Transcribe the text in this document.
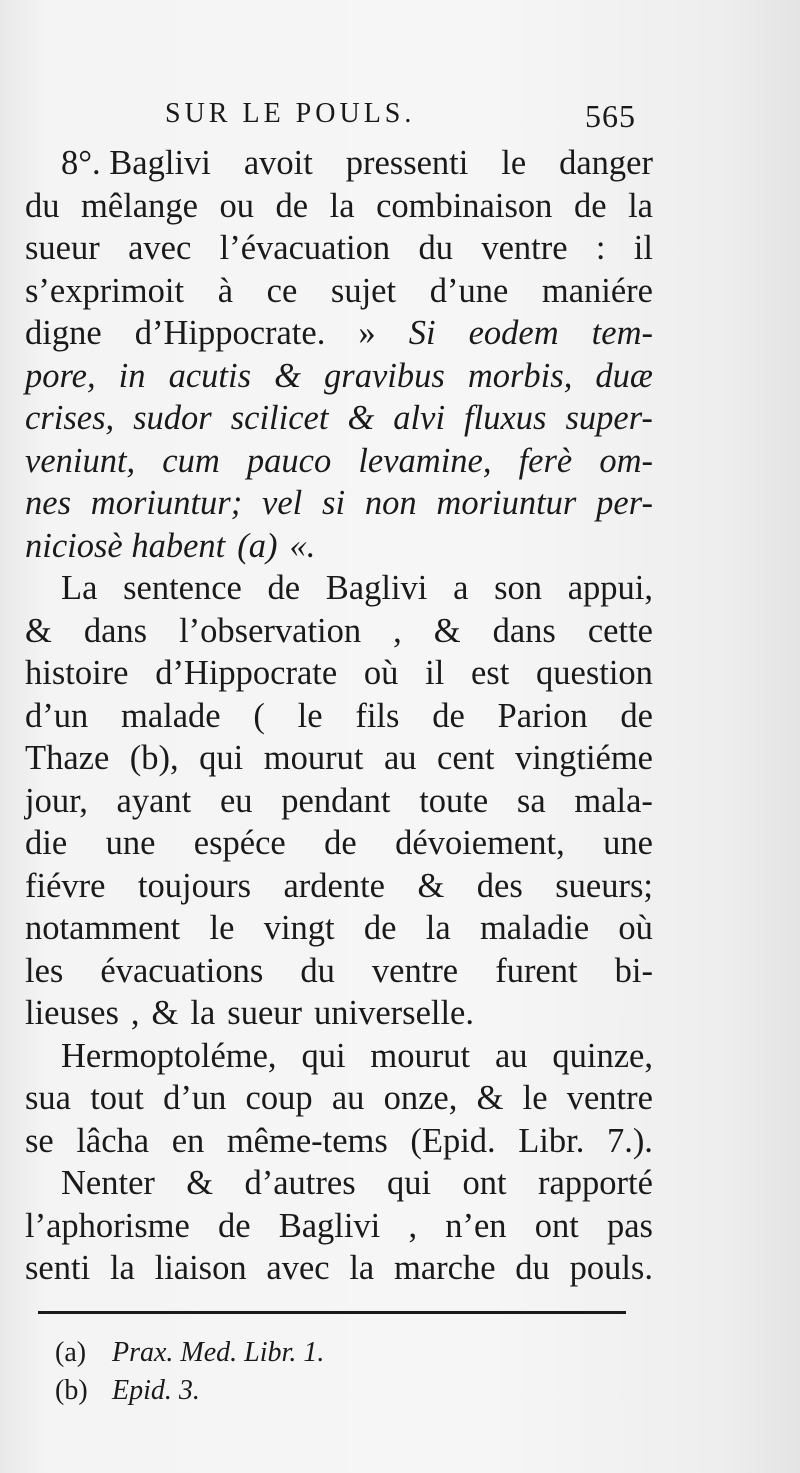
SUR LE POULS.	565
8°. Baglivi avoit pressenti le danger
du mêlange ou de la combinaison de la
sueur avec l’évacuation du ventre : il
s’exprimoit à ce sujet d’une maniére
digne d’Hippocrate. » Si eodem tem-
pore, in acutis & gravibus morbis, duæ
crises, sudor scilicet & alvi fluxus super-
veniunt, cum pauco levamine, ferè om-
nes moriuntur; vel si non moriuntur per-
niciosè habent (a) «.
La sentence de Baglivi a son appui,
& dans l’observation , & dans cette
histoire d’Hippocrate où il est question
d’un malade ( le fils de Parion de
Thaze (b), qui mourut au cent vingtiéme
jour, ayant eu pendant toute sa mala-
die une espéce de dévoiement, une
fiévre toujours ardente & des sueurs;
notamment le vingt de la maladie où
les évacuations du ventre furent bi-
lieuses , & la sueur universelle.
Hermoptoléme, qui mourut au quinze,
sua tout d’un coup au onze, & le ventre
se lâcha en même-tems (Epid. Libr. 7.).
Nenter & d’autres qui ont rapporté
l’aphorisme de Baglivi , n’en ont pas
senti la liaison avec la marche du pouls.
(a) Prax. Med. Libr. 1.
(b) Epid. 3.
